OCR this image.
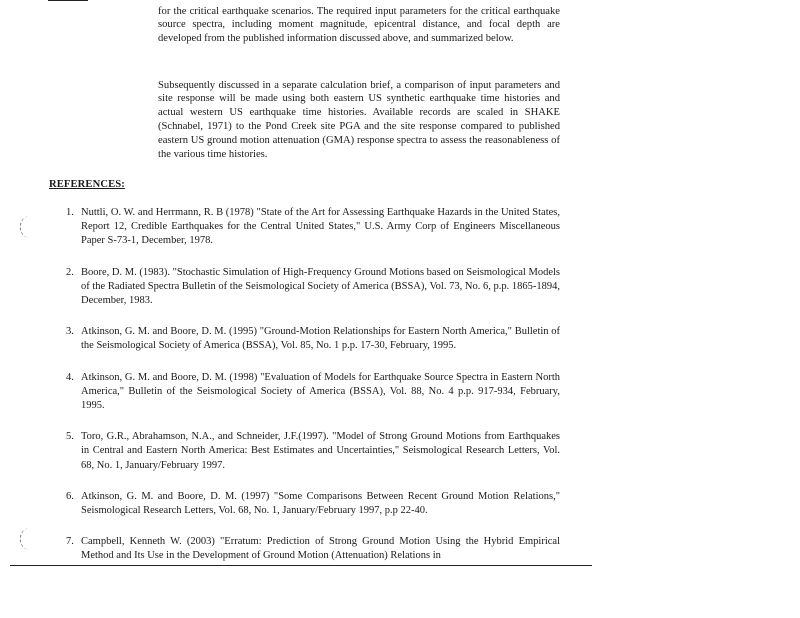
for the critical earthquake scenarios. The required input parameters for the critical earthquake source spectra, including moment magnitude, epicentral distance, and focal depth are developed from the published information discussed above, and summarized below.

Subsequently discussed in a separate calculation brief, a comparison of input parameters and site response will be made using both eastern US synthetic earthquake time histories and actual western US earthquake time histories. Available records are scaled in SHAKE (Schnabel, 1971) to the Pond Creek site PGA and the site response compared to published eastern US ground motion attenuation (GMA) response spectra to assess the reasonableness of the various time histories.

REFERENCES:
1. Nuttli, O. W. and Herrmann, R. B (1978) "State of the Art for Assessing Earthquake Hazards in the United States, Report 12, Credible Earthquakes for the Central United States," U.S. Army Corp of Engineers Miscellaneous Paper S-73-1, December, 1978.
2. Boore, D. M. (1983). "Stochastic Simulation of High-Frequency Ground Motions based on Seismological Models of the Radiated Spectra Bulletin of the Seismological Society of America (BSSA), Vol. 73, No. 6, p.p. 1865-1894, December, 1983.
3. Atkinson, G. M. and Boore, D. M. (1995) "Ground-Motion Relationships for Eastern North America," Bulletin of the Seismological Society of America (BSSA), Vol. 85, No. 1 p.p. 17-30, February, 1995.
4. Atkinson, G. M. and Boore, D. M. (1998) "Evaluation of Models for Earthquake Source Spectra in Eastern North America," Bulletin of the Seismological Society of America (BSSA), Vol. 88, No. 4 p.p. 917-934, February, 1995.
5. Toro, G.R., Abrahamson, N.A., and Schneider, J.F.(1997). "Model of Strong Ground Motions from Earthquakes in Central and Eastern North America: Best Estimates and Uncertainties," Seismological Research Letters, Vol. 68, No. 1, January/February 1997.
6. Atkinson, G. M. and Boore, D. M. (1997) "Some Comparisons Between Recent Ground Motion Relations," Seismological Research Letters, Vol. 68, No. 1, January/February 1997, p.p 22-40.
7. Campbell, Kenneth W. (2003) "Erratum: Prediction of Strong Ground Motion Using the Hybrid Empirical Method and Its Use in the Development of Ground Motion (Attenuation) Relations in
